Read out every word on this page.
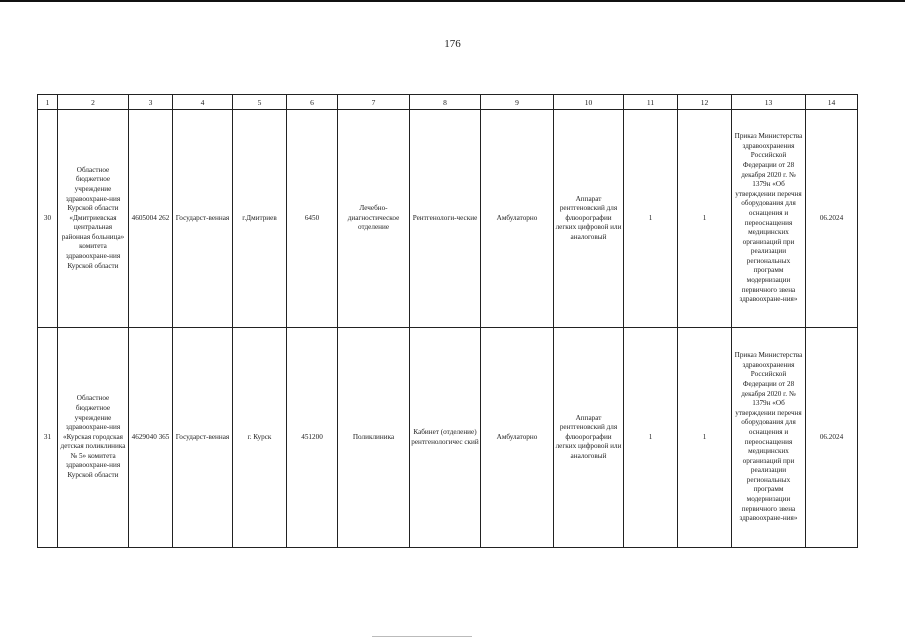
176
1	2	3	4	5	6	7	8	9	10	11	12	13	14
30	Областное бюджетное учреждение здравоохране-ния Курской области «Дмитриевская центральная районная больница» комитета здравоохране-ния Курской области	4605004 262	Государст-венная	г.Дмитриев	6450	Лечебно-диагностическое отделение	Рентгенологи-ческие	Амбулаторно	Аппарат рентгеновский для флюорографии легких цифровой или аналоговый	1	1	Приказ Министерства здравоохранения Российской Федерации от 28 декабря 2020 г. № 1379н «Об утверждении перечня оборудования для оснащения и переоснащения медицинских организаций при реализации региональных программ модернизации первичного звена здравоохране-ния»	06.2024
31	Областное бюджетное учреждение здравоохране-ния «Курская городская детская поликлиника № 5» комитета здравоохране-ния Курской области	4629040 365	Государст-венная	г. Курск	451200	Поликлиника	Кабинет (отделение) рентгенологичес ский	Амбулаторно	Аппарат рентгеновский для флюорографии легких цифровой или аналоговый	1	1	Приказ Министерства здравоохранения Российской Федерации от 28 декабря 2020 г. № 1379н «Об утверждении перечня оборудования для оснащения и переоснащения медицинских организаций при реализации региональных программ модернизации первичного звена здравоохране-ния»	06.2024
